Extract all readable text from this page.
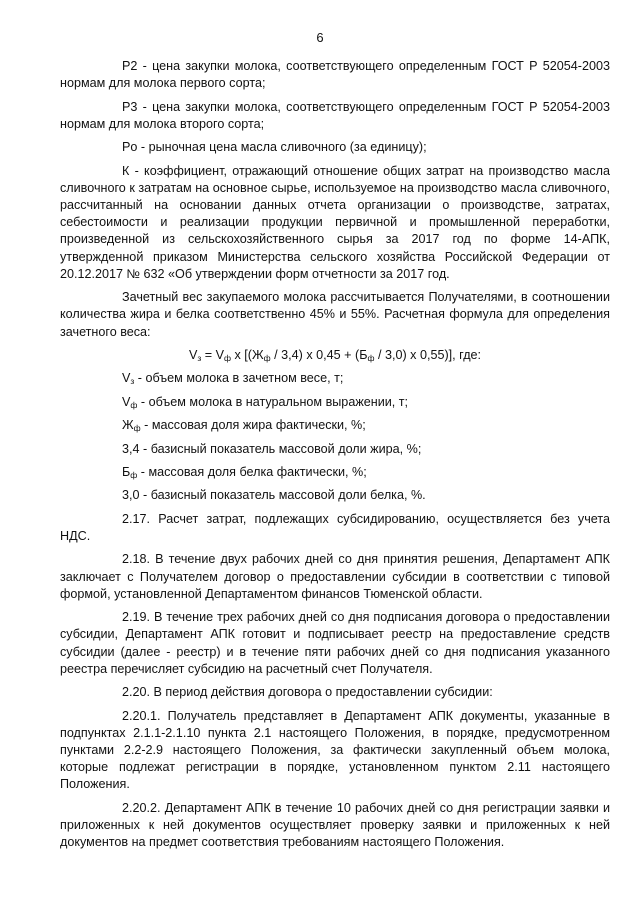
6

Р2 - цена закупки молока, соответствующего определенным ГОСТ Р 52054-2003 нормам для молока первого сорта;

Р3 - цена закупки молока, соответствующего определенным ГОСТ Р 52054-2003 нормам для молока второго сорта;

Рo - рыночная цена масла сливочного (за единицу);

К - коэффициент, отражающий отношение общих затрат на производство масла сливочного к затратам на основное сырье, используемое на производство масла сливочного, рассчитанный на основании данных отчета организации о производстве, затратах, себестоимости и реализации продукции первичной и промышленной переработки, произведенной из сельскохозяйственного сырья за 2017 год по форме 14-АПК, утвержденной приказом Министерства сельского хозяйства Российской Федерации от 20.12.2017 № 632 «Об утверждении форм отчетности за 2017 год.

Зачетный вес закупаемого молока рассчитывается Получателями, в соотношении количества жира и белка соответственно 45% и 55%. Расчетная формула для определения зачетного веса:

$V_з = V_ф$ х [$(Ж_ф / 3,4)$ х $0,45 + (Б_ф / 3,0)$ х 0,55)], где:

$V_з$ - объем молока в зачетном весе, т;

$V_ф$ - объем молока в натуральном выражении, т;

$Ж_ф$ - массовая доля жира фактически, %;

3,4 - базисный показатель массовой доли жира, %;

$Б_ф$ - массовая доля белка фактически, %;

3,0 - базисный показатель массовой доли белка, %.

2.17. Расчет затрат, подлежащих субсидированию, осуществляется без учета НДС.

2.18. В течение двух рабочих дней со дня принятия решения, Департамент АПК заключает с Получателем договор о предоставлении субсидии в соответствии с типовой формой, установленной Департаментом финансов Тюменской области.

2.19. В течение трех рабочих дней со дня подписания договора о предоставлении субсидии, Департамент АПК готовит и подписывает реестр на предоставление средств субсидии (далее - реестр) и в течение пяти рабочих дней со дня подписания указанного реестра перечисляет субсидию на расчетный счет Получателя.

2.20. В период действия договора о предоставлении субсидии:

2.20.1. Получатель представляет в Департамент АПК документы, указанные в подпунктах 2.1.1-2.1.10 пункта 2.1 настоящего Положения, в порядке, предусмотренном пунктами 2.2-2.9 настоящего Положения, за фактически закупленный объем молока, которые подлежат регистрации в порядке, установленном пунктом 2.11 настоящего Положения.

2.20.2. Департамент АПК в течение 10 рабочих дней со дня регистрации заявки и приложенных к ней документов осуществляет проверку заявки и приложенных к ней документов на предмет соответствия требованиям настоящего Положения.
